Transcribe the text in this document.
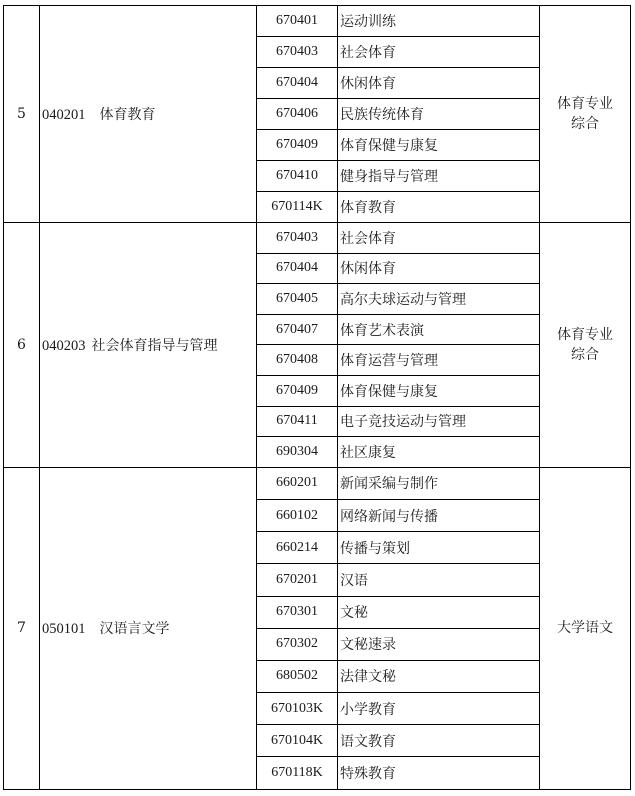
5	040201 体育教育	670401	运动训练	体育专业
综合

		670403	社会体育	
		670404	休闲体育	
		670406	民族传统体育	
		670409	体育保健与康复	
		670410	健身指导与管理	
		670114K	体育教育	
6	040203 社会体育指导与管理	670403	社会体育	体育专业
综合

		670404	休闲体育	
		670405	高尔夫球运动与管理	
		670407	体育艺术表演	
		670408	体育运营与管理	
		670409	体育保健与康复	
		670411	电子竞技运动与管理	
		690304	社区康复	
7	050101 汉语言文学	660201	新闻采编与制作	大学语文

		660102	网络新闻与传播	
		660214	传播与策划	
		670201	汉语	
		670301	文秘	
		670302	文秘速录	
		680502	法律文秘	
		670103K	小学教育	
		670104K	语文教育	
		670118K	特殊教育	
